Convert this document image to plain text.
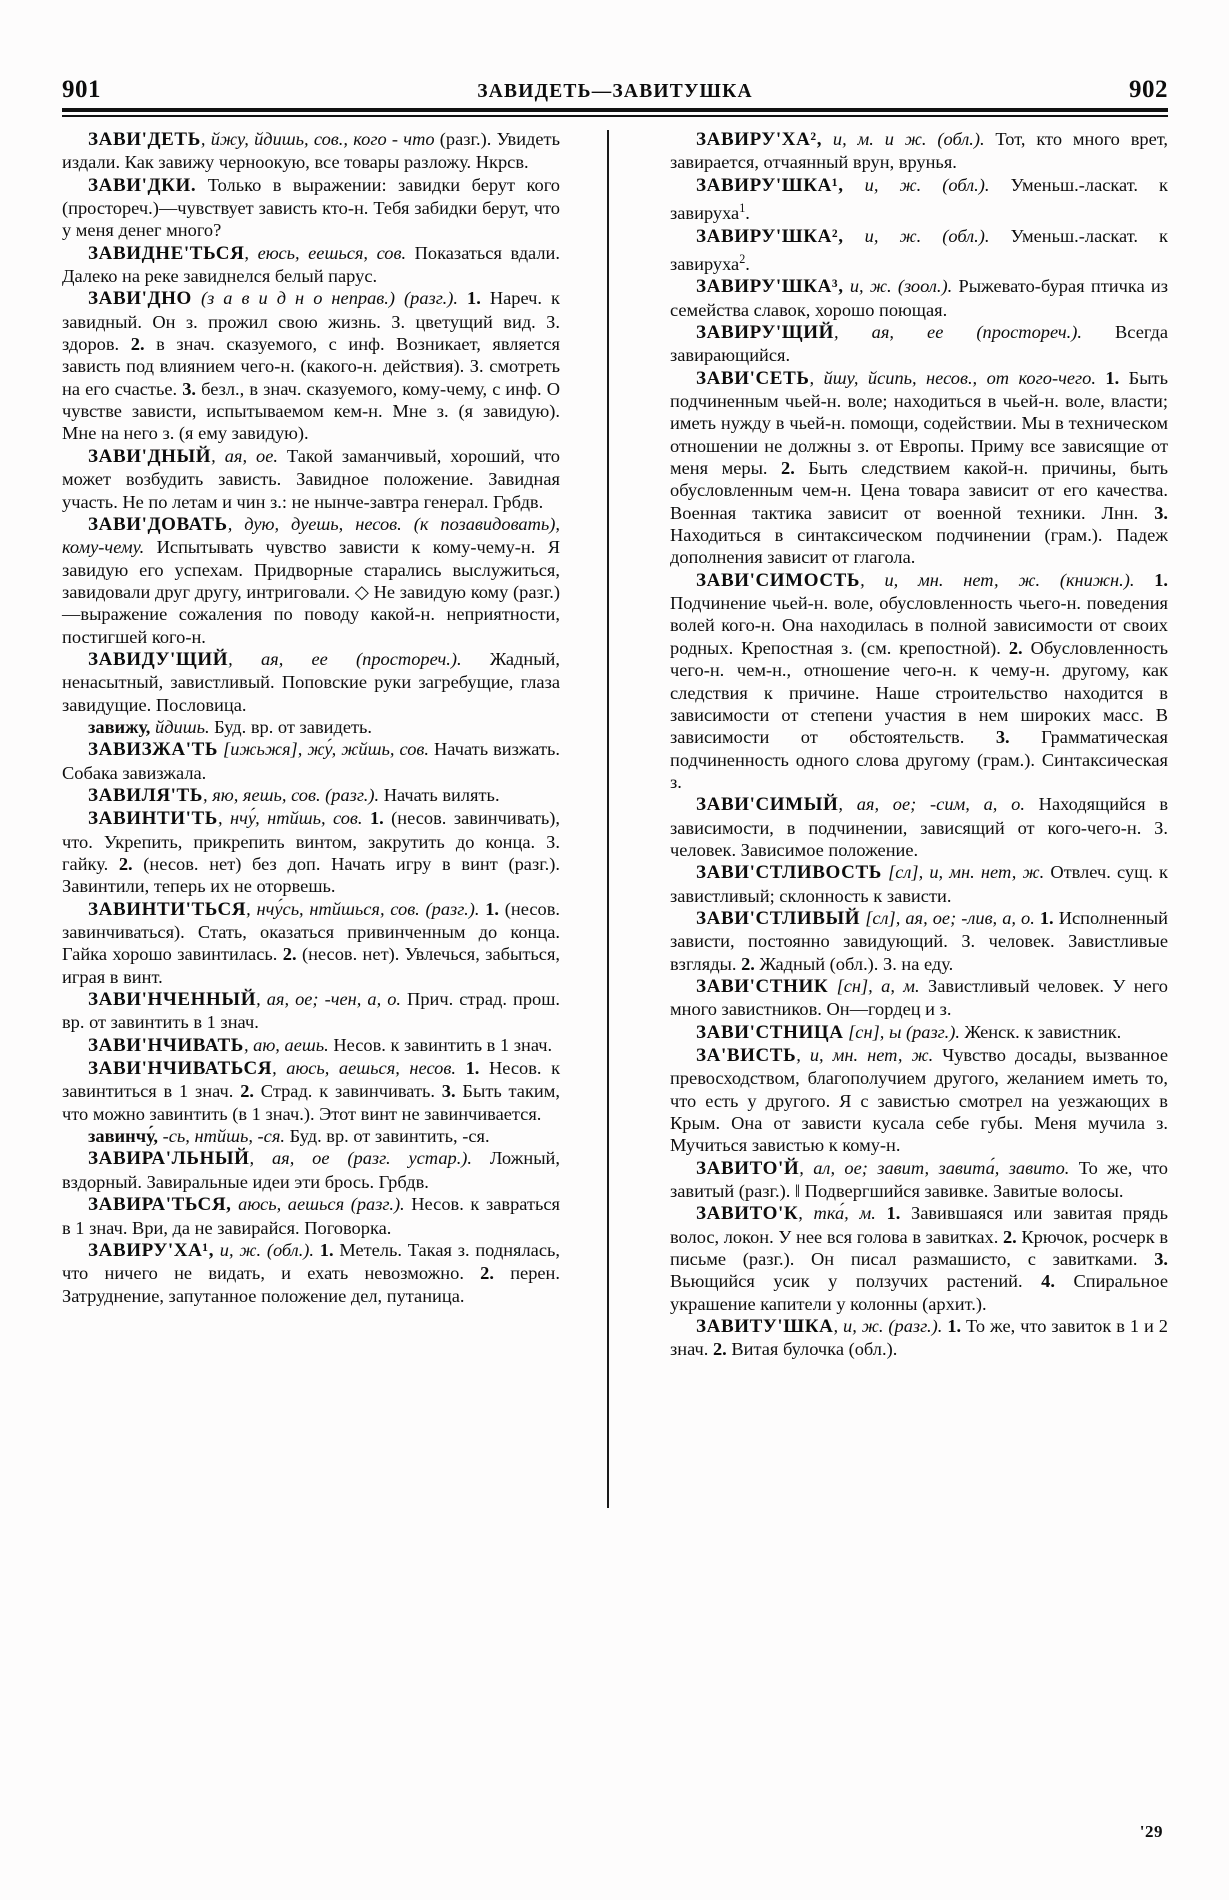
901	ЗАВИДЕТЬ—ЗАВИТУШКА	902

ЗАВИ'ДЕТЬ, йжу, йдишь, сов., кого - что (разг.). Увидеть издали. Как завижу черноокую, все товары разложу. Нкрсв.

ЗАВИ'ДКИ. Только в выражении: завидки берут кого (простореч.)—чувствует зависть кто-н. Тебя забидки берут, что у меня денег много?

ЗАВИДНЕ'ТЬСЯ, еюсь, еешься, сов. Показаться вдали. Далеко на реке завиднелся белый парус.

ЗАВИ'ДНО (з а в и д н о неправ.) (разг.). 1. Нареч. к завидный. Он з. прожил свою жизнь. З. цветущий вид. З. здоров. 2. в знач. сказуемого, с инф. Возникает, является зависть под влиянием чего-н. (какого-н. действия). З. смотреть на его счастье. 3. безл., в знач. сказуемого, кому-чему, с инф. О чувстве зависти, испытываемом кем-н. Мне з. (я завидую). Мне на него з. (я ему завидую).

ЗАВИ'ДНЫЙ, ая, ое. Такой заманчивый, хороший, что может возбудить зависть. Завидное положение. Завидная участь. Не по летам и чин з.: не нынче-завтра генерал. Грбдв.

ЗАВИ'ДОВАТЬ, дую, дуешь, несов. (к позавидовать), кому-чему. Испытывать чувство зависти к кому-чему-н. Я завидую его успехам. Придворные старались выслужиться, завидовали друг другу, интриговали. ◇ Не завидую кому (разг.)—выражение сожаления по поводу какой-н. неприятности, постигшей кого-н.

ЗАВИДУ'ЩИЙ, ая, ее (простореч.). Жадный, ненасытный, завистливый. Поповские руки загребущие, глаза завидущие. Пословица.

завижу, йдишь. Буд. вр. от завидеть.

ЗАВИЗЖА'ТЬ [ижьжя], жу́, жйшь, сов. Начать визжать. Собака завизжала.

ЗАВИЛЯ'ТЬ, яю, яешь, сов. (разг.). Начать вилять.

ЗАВИНТИ'ТЬ, нчу́, нтйшь, сов. 1. (несов. завинчивать), что. Укрепить, прикрепить винтом, закрутить до конца. З. гайку. 2. (несов. нет) без доп. Начать игру в винт (разг.). Завинтили, теперь их не оторвешь.

ЗАВИНТИ'ТЬСЯ, нчу́сь, нтйшься, сов. (разг.). 1. (несов. завинчиваться). Стать, оказаться привинченным до конца. Гайка хорошо завинтилась. 2. (несов. нет). Увлечься, забыться, играя в винт.

ЗАВИ'НЧЕННЫЙ, ая, ое; -чен, а, о. Прич. страд. прош. вр. от завинтить в 1 знач.

ЗАВИ'НЧИВАТЬ, аю, аешь. Несов. к завинтить в 1 знач.

ЗАВИ'НЧИВАТЬСЯ, аюсь, аешься, несов. 1. Несов. к завинтиться в 1 знач. 2. Страд. к завинчивать. 3. Быть таким, что можно завинтить (в 1 знач.). Этот винт не завинчивается.

завинчу́, -сь, нтйшь, -ся. Буд. вр. от завинтить, -ся.

ЗАВИРА'ЛЬНЫЙ, ая, ое (разг. устар.). Ложный, вздорный. Завиральные идеи эти брось. Грбдв.

ЗАВИРА'ТЬСЯ, аюсь, аешься (разг.). Несов. к завраться в 1 знач. Ври, да не завирайся. Поговорка.

ЗАВИРУ'ХА¹, и, ж. (обл.). 1. Метель. Такая з. поднялась, что ничего не видать, и ехать невозможно. 2. перен. Затруднение, запутанное положение дел, путаница.

ЗАВИРУ'ХА², и, м. и ж. (обл.). Тот, кто много врет, завирается, отчаянный врун, врунья.

ЗАВИРУ'ШКА¹, и, ж. (обл.). Уменьш.-ласкат. к завируха$^1$.

ЗАВИРУ'ШКА², и, ж. (обл.). Уменьш.-ласкат. к завируха$^2$.

ЗАВИРУ'ШКА³, и, ж. (зоол.). Рыжевато-бурая птичка из семейства славок, хорошо поющая.

ЗАВИРУ'ЩИЙ, ая, ее (простореч.). Всегда завирающийся.

ЗАВИ'СЕТЬ, йшу, йсипь, несов., от кого-чего. 1. Быть подчиненным чьей-н. воле; находиться в чьей-н. воле, власти; иметь нужду в чьей-н. помощи, содействии. Мы в техническом отношении не должны з. от Европы. Приму все зависящие от меня меры. 2. Быть следствием какой-н. причины, быть обусловленным чем-н. Цена товара зависит от его качества. Военная тактика зависит от военной техники. Лнн. 3. Находиться в синтаксическом подчинении (грам.). Падеж дополнения зависит от глагола.

ЗАВИ'СИМОСТЬ, и, мн. нет, ж. (книжн.). 1. Подчинение чьей-н. воле, обусловленность чьего-н. поведения волей кого-н. Она находилась в полной зависимости от своих родных. Крепостная з. (см. крепостной). 2. Обусловленность чего-н. чем-н., отношение чего-н. к чему-н. другому, как следствия к причине. Наше строительство находится в зависимости от степени участия в нем широких масс. В зависимости от обстоятельств. 3. Грамматическая подчиненность одного слова другому (грам.). Синтаксическая з.

ЗАВИ'СИМЫЙ, ая, ое; -сим, а, о. Находящийся в зависимости, в подчинении, зависящий от кого-чего-н. З. человек. Зависимое положение.

ЗАВИ'СТЛИВОСТЬ [сл], и, мн. нет, ж. Отвлеч. сущ. к завистливый; склонность к зависти.

ЗАВИ'СТЛИВЫЙ [сл], ая, ое; -лив, а, о. 1. Исполненный зависти, постоянно завидующий. З. человек. Завистливые взгляды. 2. Жадный (обл.). З. на еду.

ЗАВИ'СТНИК [сн], а, м. Завистливый человек. У него много завистников. Он—гордец и з.

ЗАВИ'СТНИЦА [сн], ы (разг.). Женск. к завистник.

ЗА'ВИСТЬ, и, мн. нет, ж. Чувство досады, вызванное превосходством, благополучием другого, желанием иметь то, что есть у другого. Я с завистью смотрел на уезжающих в Крым. Она от зависти кусала себе губы. Меня мучила з. Мучиться завистью к кому-н.

ЗАВИТО'Й, ал, ое; завит, завита́, завито. То же, что завитый (разг.). ǁ Подвергшийся завивке. Завитые волосы.

ЗАВИТО'К, тка́, м. 1. Завившаяся или завитая прядь волос, локон. У нее вся голова в завитках. 2. Крючок, росчерк в письме (разг.). Он писал размашисто, с завитками. 3. Вьющийся усик у ползучих растений. 4. Спиральное украшение капители у колонны (архит.).

ЗАВИТУ'ШКА, и, ж. (разг.). 1. То же, что завиток в 1 и 2 знач. 2. Витая булочка (обл.).

'29
